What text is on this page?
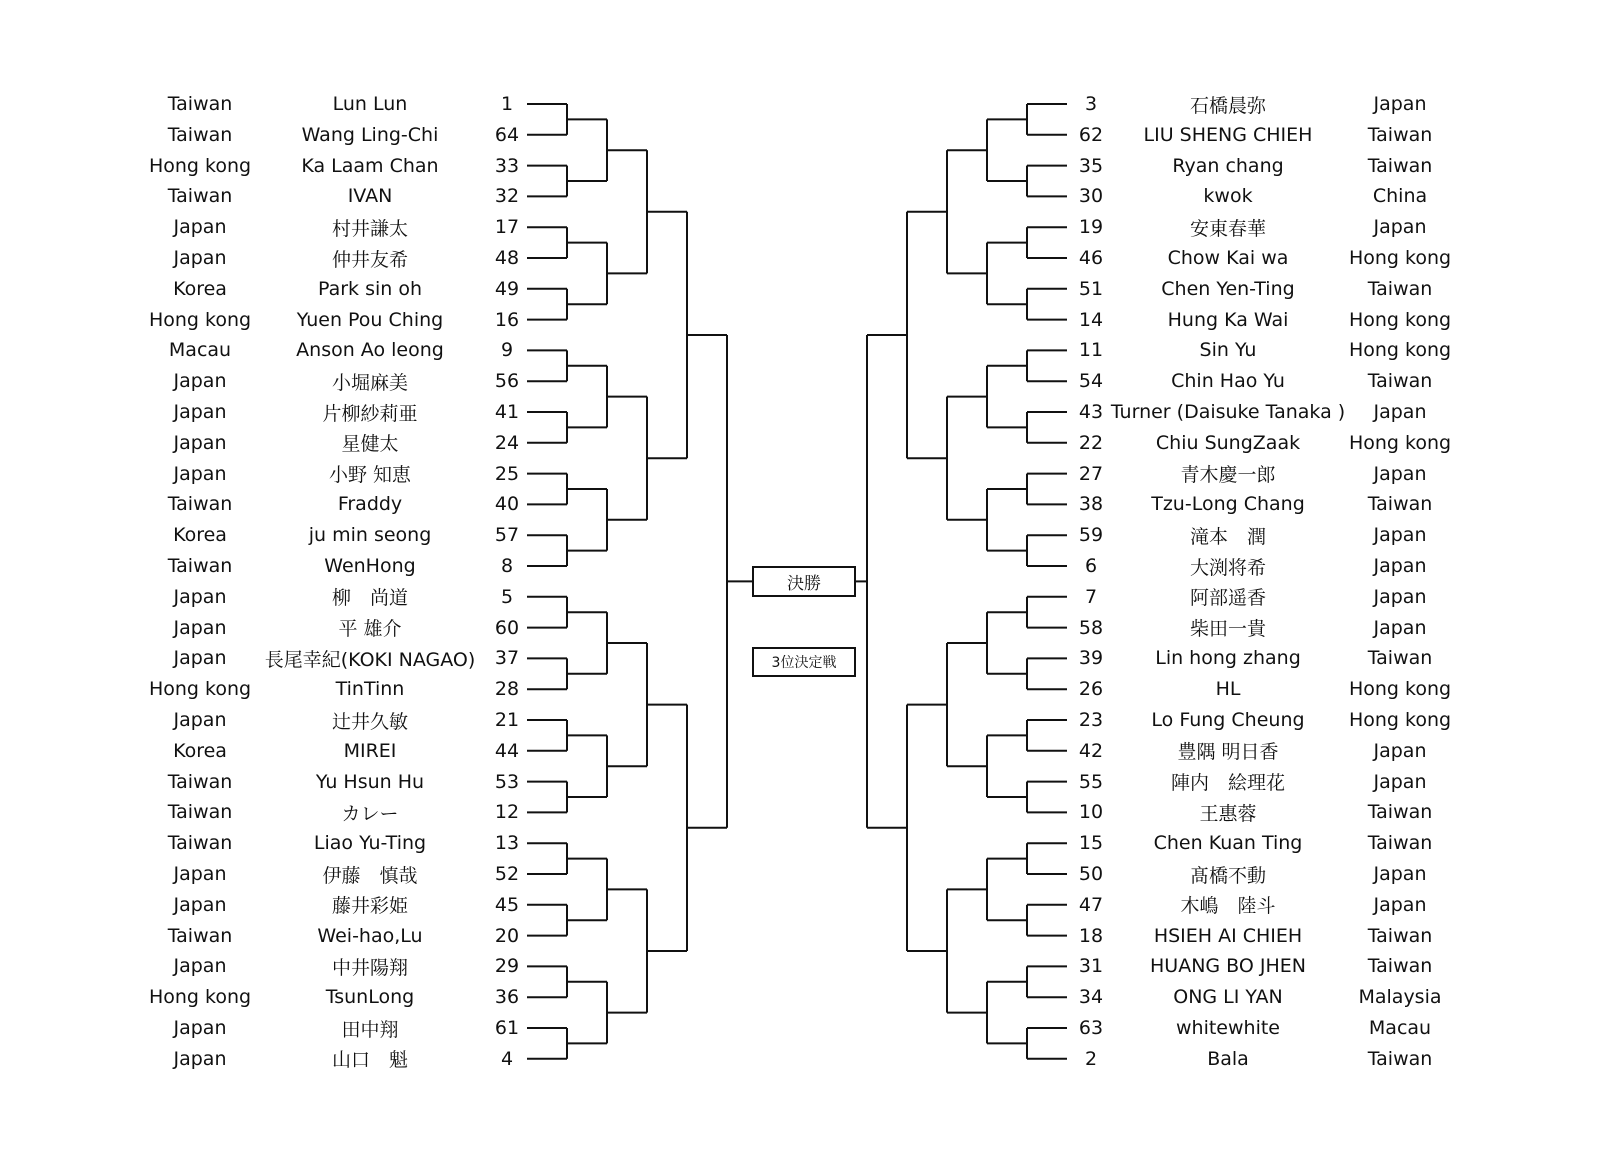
Taiwan	Lun Lun	1
Taiwan	Wang Ling-Chi	64
Hong kong	Ka Laam Chan	33
Taiwan	IVAN	32
Japan	村井謙太	17
Japan	仲井友希	48
Korea	Park sin oh	49
Hong kong	Yuen Pou Ching	16
Macau	Anson Ao leong	9
Japan	小堀麻美	56
Japan	片柳紗莉亜	41
Japan	星健太	24
Japan	小野 知恵	25
Taiwan	Fraddy	40
Korea	ju min seong	57
Taiwan	WenHong	8
Japan	柳　尚道	5
Japan	平 雄介	60
Japan	長尾幸紀(KOKI NAGAO)	37
Hong kong	TinTinn	28
Japan	辻井久敏	21
Korea	MIREI	44
Taiwan	Yu Hsun Hu	53
Taiwan	カレー	12
Taiwan	Liao Yu-Ting	13
Japan	伊藤　慎哉	52
Japan	藤井彩姫	45
Taiwan	Wei-hao,Lu	20
Japan	中井陽翔	29
Hong kong	TsunLong	36
Japan	田中翔	61
Japan	山口　魁	4
3	石橋晨弥	Japan
62	LIU SHENG CHIEH	Taiwan
35	Ryan chang	Taiwan
30	kwok	China
19	安東春華	Japan
46	Chow Kai wa	Hong kong
51	Chen Yen-Ting	Taiwan
14	Hung Ka Wai	Hong kong
11	Sin Yu	Hong kong
54	Chin Hao Yu	Taiwan
43 Turner (Daisuke Tanaka )	Japan
22	Chiu SungZaak	Hong kong
27	青木慶一郎	Japan
38	Tzu-Long Chang	Taiwan
59	滝本　潤	Japan
6	大渕将希	Japan
7	阿部遥香	Japan
58	柴田一貴	Japan
39	Lin hong zhang	Taiwan
26	HL	Hong kong
23	Lo Fung Cheung	Hong kong
42	豊隅 明日香	Japan
55	陣内　絵理花	Japan
10	王惠蓉	Taiwan
15	Chen Kuan Ting	Taiwan
50	髙橋不動	Japan
47	木嶋　陸斗	Japan
18	HSIEH AI CHIEH	Taiwan
31	HUANG BO JHEN	Taiwan
34	ONG LI YAN	Malaysia
63	whitewhite	Macau
2	Bala	Taiwan
決勝
3位決定戦
